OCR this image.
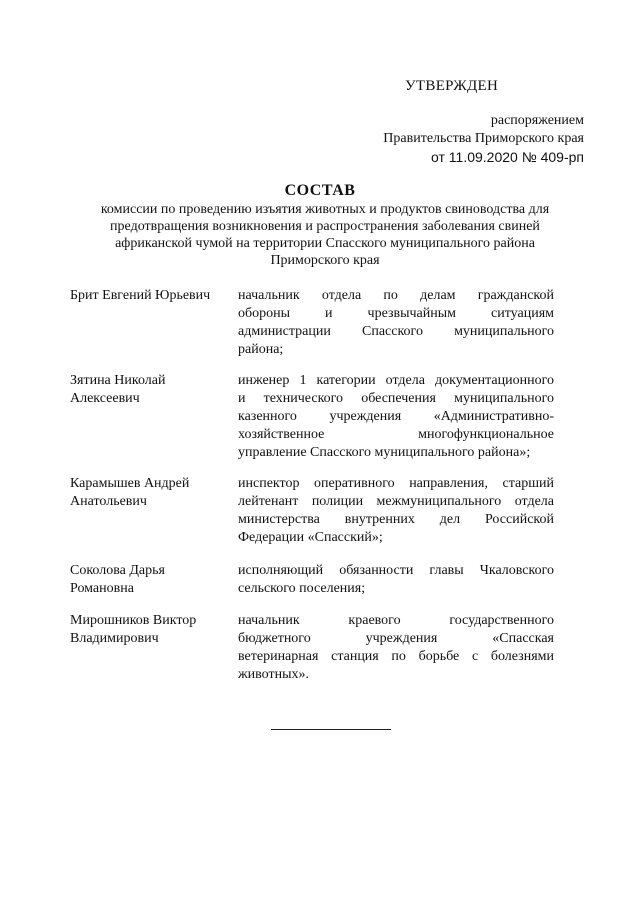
УТВЕРЖДЕН
распоряжением
Правительства Приморского края
от 11.09.2020 № 409-рп
СОСТАВ
комиссии по проведению изъятия животных и продуктов свиноводства для
предотвращения возникновения и распространения заболевания свиней
африканской чумой на территории Спасского муниципального района
Приморского края
Брит Евгений Юрьевич	начальник отдела по делам гражданской
обороны и чрезвычайным ситуациям
администрации Спасского муниципального
района;
Зятина Николай
Алексеевич
инженер 1 категории отдела документационного
и технического обеспечения муниципального
казенного учреждения «Административно-
хозяйственное многофункциональное
управление Спасского муниципального района»;
Карамышев Андрей
Анатольевич
инспектор оперативного направления, старший
лейтенант полиции межмуниципального отдела
министерства внутренних дел Российской
Федерации «Спасский»;
Соколова Дарья
Романовна
исполняющий обязанности главы Чкаловского
сельского поселения;
Мирошников Виктор
Владимирович
начальник краевого государственного
бюджетного учреждения «Спасская
ветеринарная станция по борьбе с болезнями
животных».
